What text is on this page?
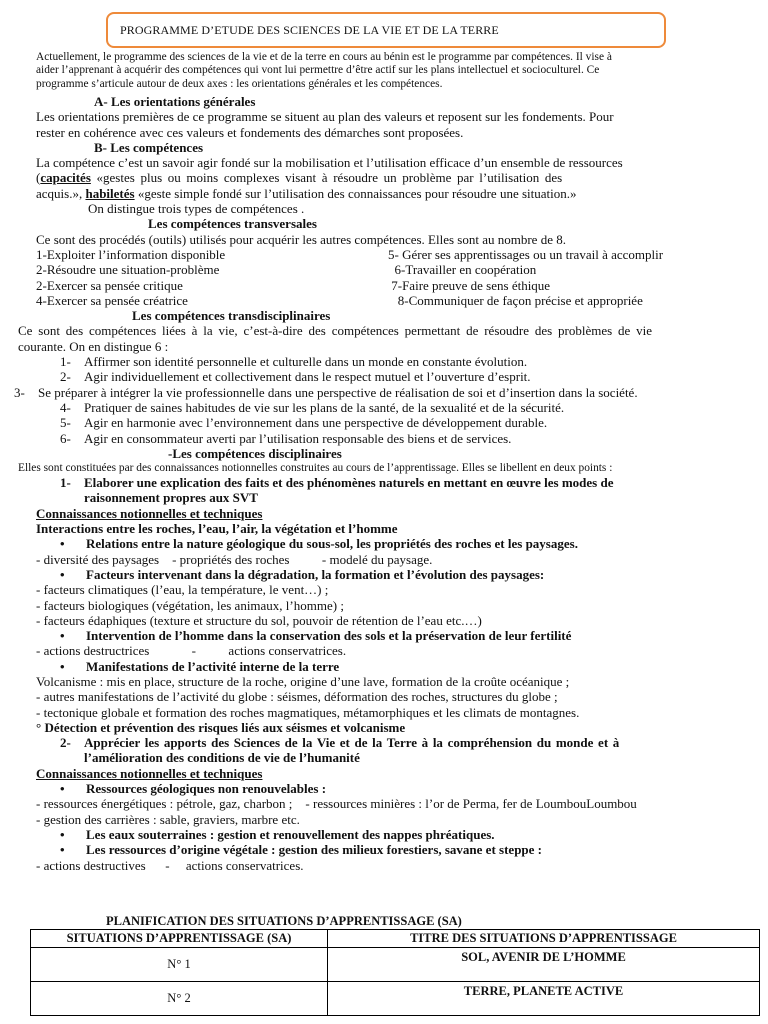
PROGRAMME D’ETUDE DES SCIENCES DE LA VIE ET DE LA TERRE
Actuellement, le programme des sciences de la vie et de la terre en cours au bénin est le programme par compétences. Il vise à
aider l’apprenant à acquérir des compétences qui vont lui permettre d’être actif sur les plans intellectuel et socioculturel. Ce
programme s’articule autour de deux axes : les orientations générales et les compétences.
A- Les orientations générales
Les orientations premières de ce programme se situent au plan des valeurs et reposent sur les fondements. Pour
rester en cohérence avec ces valeurs et fondements des démarches sont proposées.
B- Les compétences
La compétence c’est un savoir agir fondé sur la mobilisation et l’utilisation efficace d’un ensemble de ressources
(capacités «gestes plus ou moins complexes visant à résoudre un problème par l’utilisation des
acquis.», habiletés «geste simple fondé sur l’utilisation des connaissances pour résoudre une situation.»
On distingue trois types de compétences .
Les compétences transversales
Ce sont des procédés (outils) utilisés pour acquérir les autres compétences. Elles sont au nombre de 8.
1-Exploiter l’information disponible	5- Gérer ses apprentissages ou un travail à accomplir
2-Résoudre une situation-problème	6-Travailler en coopération
2-Exercer sa pensée critique	7-Faire preuve de sens éthique
4-Exercer sa pensée créatrice	8-Communiquer de façon précise et appropriée
Les compétences transdisciplinaires
Ce sont des compétences liées à la vie, c’est-à-dire des compétences permettant de résoudre des problèmes de vie
courante. On en distingue 6 :
1-	Affirmer son identité personnelle et culturelle dans un monde en constante évolution.
2-	Agir individuellement et collectivement dans le respect mutuel et l’ouverture d’esprit.
3-	Se préparer à intégrer la vie professionnelle dans une perspective de réalisation de soi et d’insertion dans la société.
4-	Pratiquer de saines habitudes de vie sur les plans de la santé, de la sexualité et de la sécurité.
5-	Agir en harmonie avec l’environnement dans une perspective de développement durable.
6-	Agir en consommateur averti par l’utilisation responsable des biens et de services.
-Les compétences disciplinaires
Elles sont constituées par des connaissances notionnelles construites au cours de l’apprentissage. Elles se libellent en deux points :
1-	Elaborer une explication des faits et des phénomènes naturels en mettant en œuvre les modes de
raisonnement propres aux SVT
Connaissances notionnelles et techniques
Interactions entre les roches, l’eau, l’air, la végétation et l’homme
•	Relations entre la nature géologique du sous-sol, les propriétés des roches et les paysages.
- diversité des paysages    - propriétés des roches          - modelé du paysage.
•	Facteurs intervenant dans la dégradation, la formation et l’évolution des paysages:
- facteurs climatiques (l’eau, la température, le vent…) ;
- facteurs biologiques (végétation, les animaux, l’homme) ;
- facteurs édaphiques (texture et structure du sol, pouvoir de rétention de l’eau etc.…)
•	Intervention de l’homme dans la conservation des sols et la préservation de leur fertilité
- actions destructrices             -          actions conservatrices.
•	Manifestations de l’activité interne de la terre
Volcanisme : mis en place, structure de la roche, origine d’une lave, formation de la croûte océanique ;
- autres manifestations de l’activité du globe : séismes, déformation des roches, structures du globe ;
- tectonique globale et formation des roches magmatiques, métamorphiques et les climats de montagnes.
° Détection et prévention des risques liés aux séismes et volcanisme
2-	Apprécier les apports des Sciences de la Vie et de la Terre à la compréhension du monde et à
l’amélioration des conditions de vie de l’humanité
Connaissances notionnelles et techniques
•	Ressources géologiques non renouvelables :
- ressources énergétiques : pétrole, gaz, charbon ;    - ressources minières : l’or de Perma, fer de LoumbouLoumbou
- gestion des carrières : sable, graviers, marbre etc.
•	Les eaux souterraines : gestion et renouvellement des nappes phréatiques.
•	Les ressources d’origine végétale : gestion des milieux forestiers, savane et steppe :
- actions destructives      -     actions conservatrices.
PLANIFICATION DES SITUATIONS D’APPRENTISSAGE (SA)
SITUATIONS D’APPRENTISSAGE (SA)	TITRE DES SITUATIONS D’APPRENTISSAGE
N° 1	SOL, AVENIR DE L’HOMME
N° 2	TERRE, PLANETE ACTIVE
